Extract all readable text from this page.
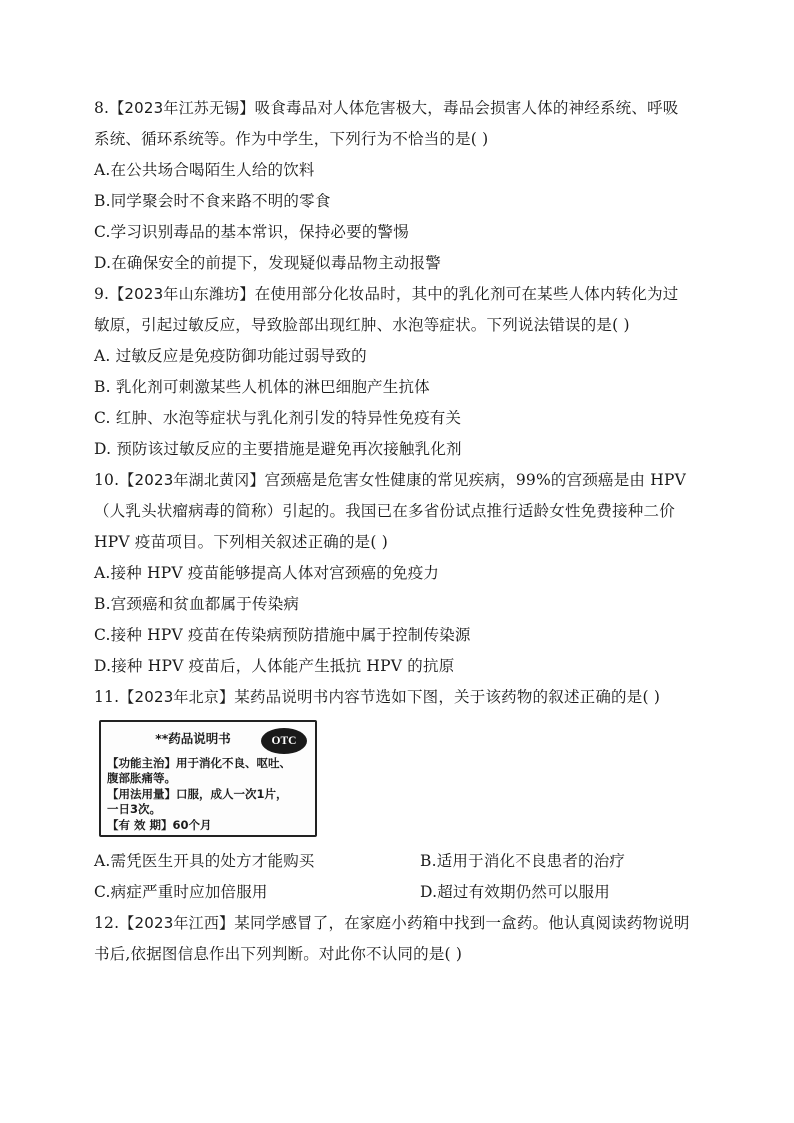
8.【2023年江苏无锡】吸食毒品对人体危害极大，毒品会损害人体的神经系统、呼吸

系统、循环系统等。作为中学生，下列行为不恰当的是( )

A.在公共场合喝陌生人给的饮料

B.同学聚会时不食来路不明的零食

C.学习识别毒品的基本常识，保持必要的警惕

D.在确保安全的前提下，发现疑似毒品物主动报警

9.【2023年山东潍坊】在使用部分化妆品时，其中的乳化剂可在某些人体内转化为过

敏原，引起过敏反应，导致脸部出现红肿、水泡等症状。下列说法错误的是( )

A. 过敏反应是免疫防御功能过弱导致的

B. 乳化剂可刺激某些人机体的淋巴细胞产生抗体

C. 红肿、水泡等症状与乳化剂引发的特异性免疫有关

D. 预防该过敏反应的主要措施是避免再次接触乳化剂

10.【2023年湖北黄冈】宫颈癌是危害女性健康的常见疾病，99%的宫颈癌是由 HPV

（人乳头状瘤病毒的简称）引起的。我国已在多省份试点推行适龄女性免费接种二价

HPV 疫苗项目。下列相关叙述正确的是( )

A.接种 HPV 疫苗能够提高人体对宫颈癌的免疫力

B.宫颈癌和贫血都属于传染病

C.接种 HPV 疫苗在传染病预防措施中属于控制传染源

D.接种 HPV 疫苗后，人体能产生抵抗 HPV 的抗原

11.【2023年北京】某药品说明书内容节选如下图，关于该药物的叙述正确的是( )

**药品说明书	OTC
【功能主治】用于消化不良、呕吐、
腹部胀痛等。
【用法用量】口服，成人一次1片，
一日3次。
【有 效 期】60个月

A.需凭医生开具的处方才能购买	B.适用于消化不良患者的治疗

C.病症严重时应加倍服用	D.超过有效期仍然可以服用

12.【2023年江西】某同学感冒了，在家庭小药箱中找到一盒药。他认真阅读药物说明

书后,依据图信息作出下列判断。对此你不认同的是( )
